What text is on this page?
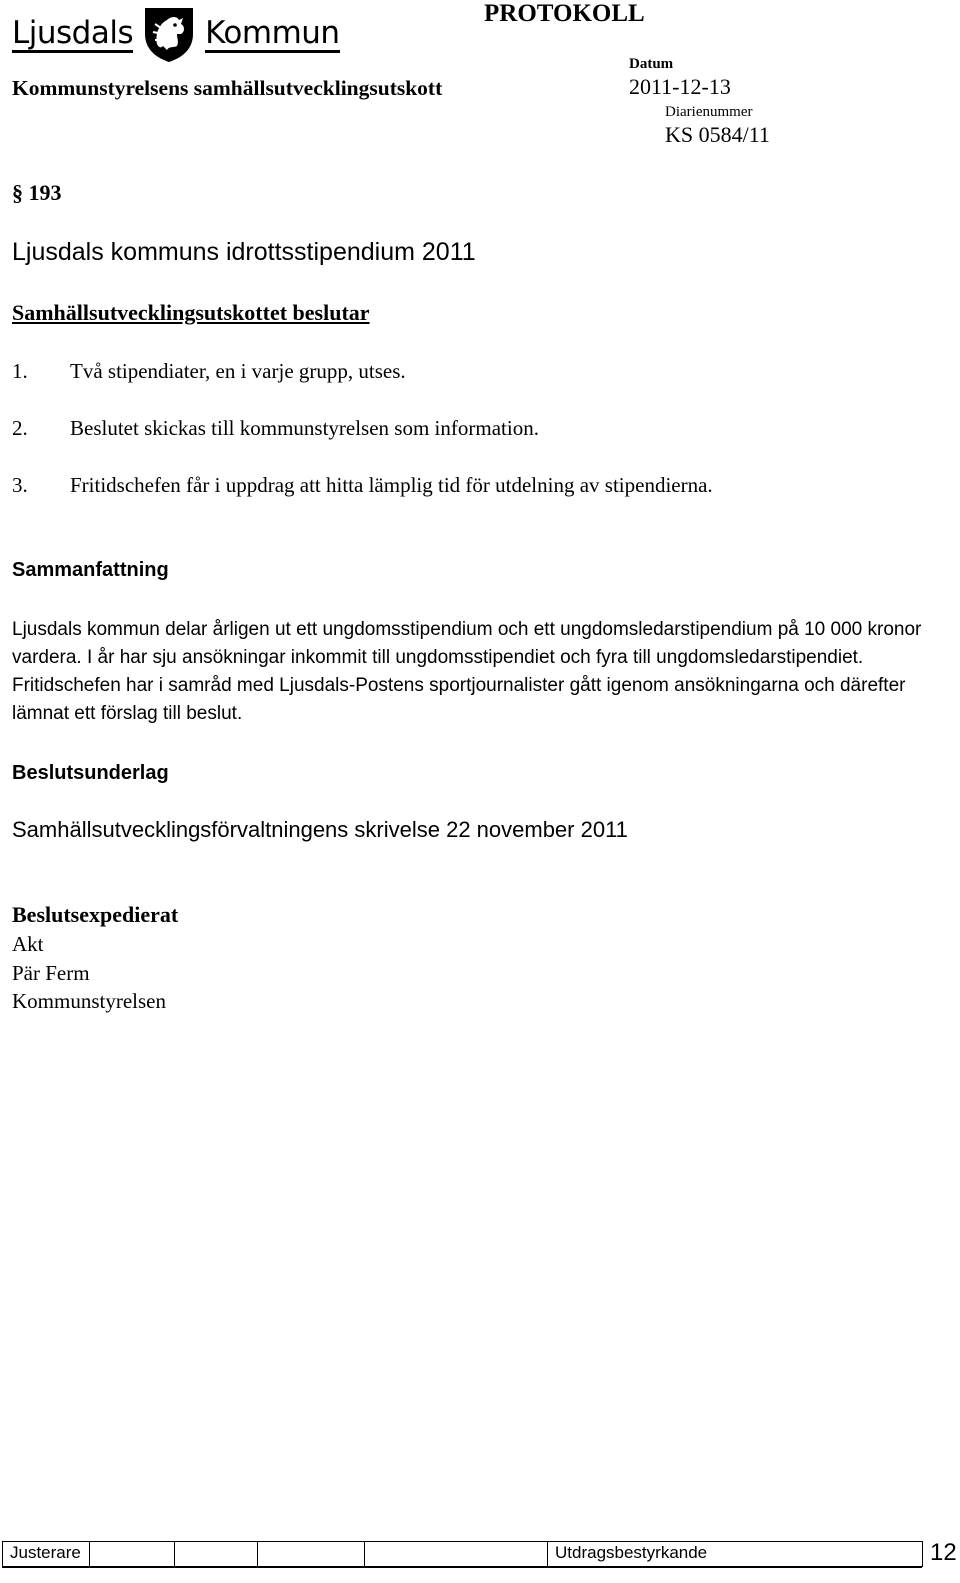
Ljusdals Kommun
PROTOKOLL
Kommunstyrelsens samhällsutvecklingsutskott
Datum
2011-12-13
Diarienummer
KS 0584/11
§ 193
Ljusdals kommuns idrottsstipendium 2011
Samhällsutvecklingsutskottet beslutar
1. Två stipendiater, en i varje grupp, utses.
2. Beslutet skickas till kommunstyrelsen som information.
3. Fritidschefen får i uppdrag att hitta lämplig tid för utdelning av stipendierna.
Sammanfattning
Ljusdals kommun delar årligen ut ett ungdomsstipendium och ett ungdomsledarstipendium på 10 000 kronor vardera. I år har sju ansökningar inkommit till ungdomsstipendiet och fyra till ungdomsledarstipendiet. Fritidschefen har i samråd med Ljusdals-Postens sportjournalister gått igenom ansökningarna och därefter lämnat ett förslag till beslut.
Beslutsunderlag
Samhällsutvecklingsförvaltningens skrivelse 22 november 2011
Beslutsexpedierat
Akt
Pär Ferm
Kommunstyrelsen
Justerare	Utdragsbestyrkande	12
